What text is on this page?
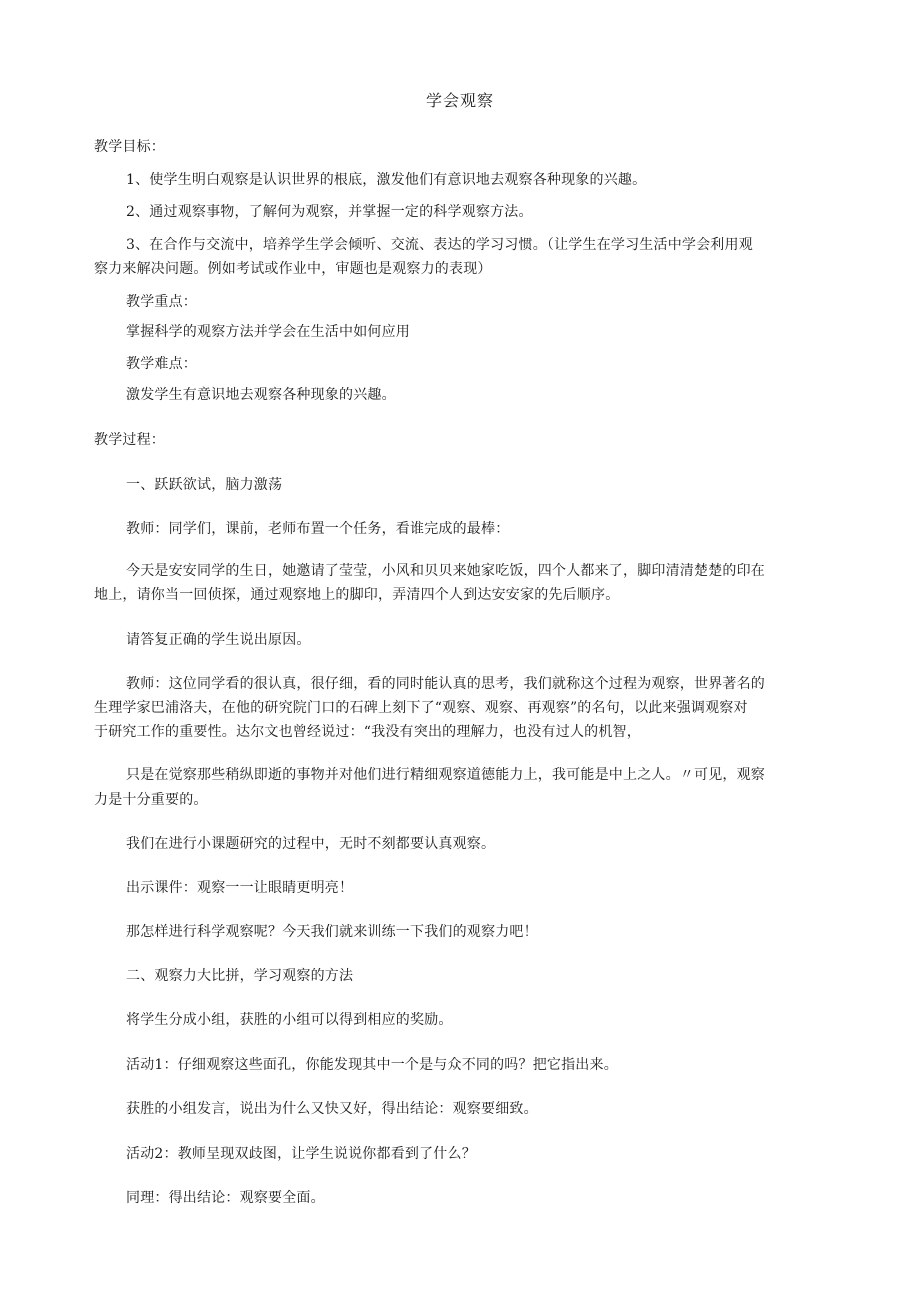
学会观察
教学目标：
1、使学生明白观察是认识世界的根底，激发他们有意识地去观察各种现象的兴趣。
2、通过观察事物，了解何为观察，并掌握一定的科学观察方法。
3、在合作与交流中，培养学生学会倾听、交流、表达的学习习惯。（让学生在学习生活中学会利用观
察力来解决问题。例如考试或作业中，审题也是观察力的表现）
教学重点：
掌握科学的观察方法并学会在生活中如何应用
教学难点：
激发学生有意识地去观察各种现象的兴趣。
教学过程：
一、跃跃欲试，脑力激荡
教师：同学们，课前，老师布置一个任务，看谁完成的最棒：
今天是安安同学的生日，她邀请了莹莹，小风和贝贝来她家吃饭，四个人都来了，脚印清清楚楚的印在
地上，请你当一回侦探，通过观察地上的脚印，弄清四个人到达安安家的先后顺序。
请答复正确的学生说出原因。
教师：这位同学看的很认真，很仔细，看的同时能认真的思考，我们就称这个过程为观察，世界著名的
生理学家巴浦洛夫，在他的研究院门口的石碑上刻下了“观察、观察、再观察”的名句，以此来强调观察对
于研究工作的重要性。达尔文也曾经说过：“我没有突出的理解力，也没有过人的机智，
只是在觉察那些稍纵即逝的事物并对他们进行精细观察道德能力上，我可能是中上之人。〃可见，观察
力是十分重要的。
我们在进行小课题研究的过程中，无时不刻都要认真观察。
出示课件：观察一一让眼睛更明亮！
那怎样进行科学观察呢？今天我们就来训练一下我们的观察力吧！
二、观察力大比拼，学习观察的方法
将学生分成小组，获胜的小组可以得到相应的奖励。
活动1：仔细观察这些面孔，你能发现其中一个是与众不同的吗？把它指出来。
获胜的小组发言，说出为什么又快又好，得出结论：观察要细致。
活动2：教师呈现双歧图，让学生说说你都看到了什么？
同理：得出结论：观察要全面。
